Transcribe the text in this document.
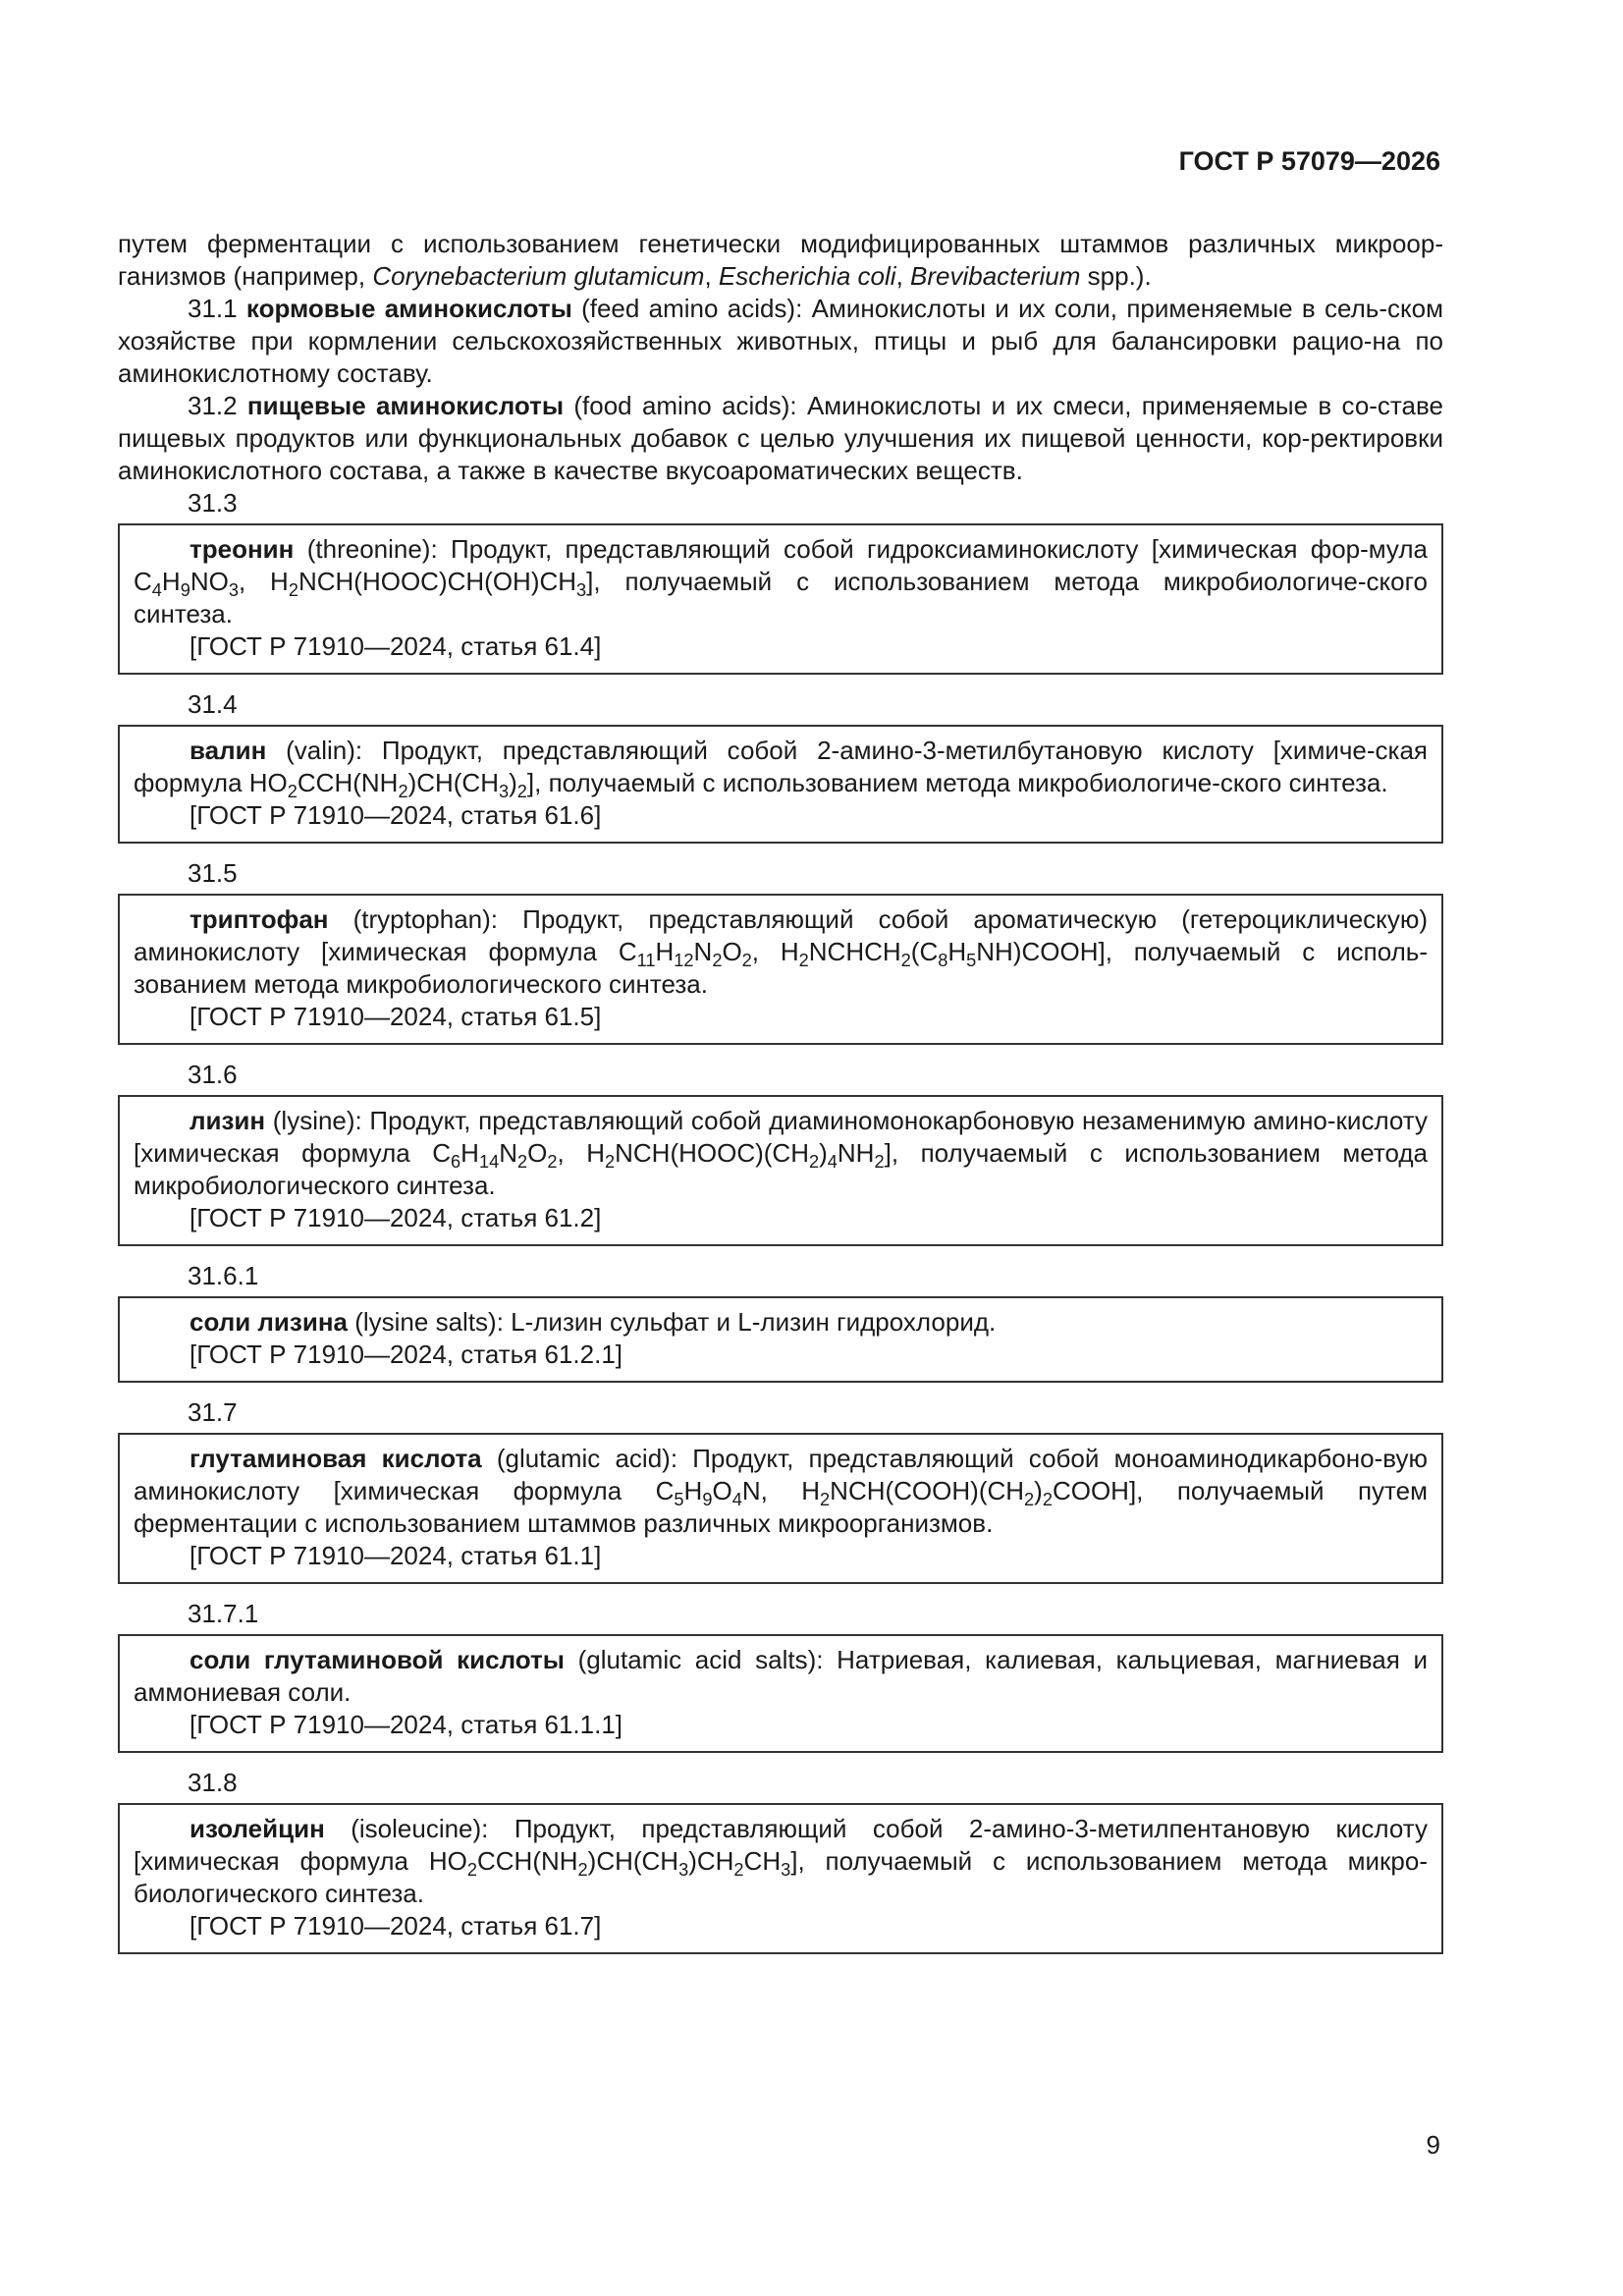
ГОСТ Р 57079—2026

путем ферментации с использованием генетически модифицированных штаммов различных микроор-ганизмов (например, Corynebacterium glutamicum, Escherichia coli, Brevibacterium spp.).

31.1 кормовые аминокислоты (feed amino acids): Аминокислоты и их соли, применяемые в сель-ском хозяйстве при кормлении сельскохозяйственных животных, птицы и рыб для балансировки рацио-на по аминокислотному составу.

31.2 пищевые аминокислоты (food amino acids): Аминокислоты и их смеси, применяемые в со-ставе пищевых продуктов или функциональных добавок с целью улучшения их пищевой ценности, кор-ректировки аминокислотного состава, а также в качестве вкусоароматических веществ.

31.3

треонин (threonine): Продукт, представляющий собой гидроксиаминокислоту [химическая фор-мула $C_4H_9NO_3$, $H_2NCH(HOOC)CH(OH)CH_3$], получаемый с использованием метода микробиологиче-ского синтеза.

[ГОСТ Р 71910—2024, статья 61.4]

31.4

валин (valin): Продукт, представляющий собой 2-амино-3-метилбутановую кислоту [химиче-ская формула $HO_2CCH(NH_2)CH(CH_3)_2$], получаемый с использованием метода микробиологиче-ского синтеза.

[ГОСТ Р 71910—2024, статья 61.6]

31.5

триптофан (tryptophan): Продукт, представляющий собой ароматическую (гетероциклическую) аминокислоту [химическая формула $C_{11}H_{12}N_2O_2$, $H_2NCHCH_2(C_8H_5NH)COOH$], получаемый с исполь-зованием метода микробиологического синтеза.

[ГОСТ Р 71910—2024, статья 61.5]

31.6

лизин (lysine): Продукт, представляющий собой диаминомонокарбоновую незаменимую амино-кислоту [химическая формула $C_6H_{14}N_2O_2$, $H_2NCH(HOOC)(CH_2)_4NH_2$], получаемый с использованием метода микробиологического синтеза.

[ГОСТ Р 71910—2024, статья 61.2]

31.6.1

соли лизина (lysine salts): L-лизин сульфат и L-лизин гидрохлорид.

[ГОСТ Р 71910—2024, статья 61.2.1]

31.7

глутаминовая кислота (glutamic acid): Продукт, представляющий собой моноаминодикарбоно-вую аминокислоту [химическая формула $C_5H_9O_4N$, $H_2NCH(COOH)(CH_2)_2COOH$], получаемый путем ферментации с использованием штаммов различных микроорганизмов.

[ГОСТ Р 71910—2024, статья 61.1]

31.7.1

соли глутаминовой кислоты (glutamic acid salts): Натриевая, калиевая, кальциевая, магниевая и аммониевая соли.

[ГОСТ Р 71910—2024, статья 61.1.1]

31.8

изолейцин (isoleucine): Продукт, представляющий собой 2-амино-3-метилпентановую кислоту [химическая формула $HO_2CCH(NH_2)CH(CH_3)CH_2CH_3$], получаемый с использованием метода микро-биологического синтеза.

[ГОСТ Р 71910—2024, статья 61.7]

9
